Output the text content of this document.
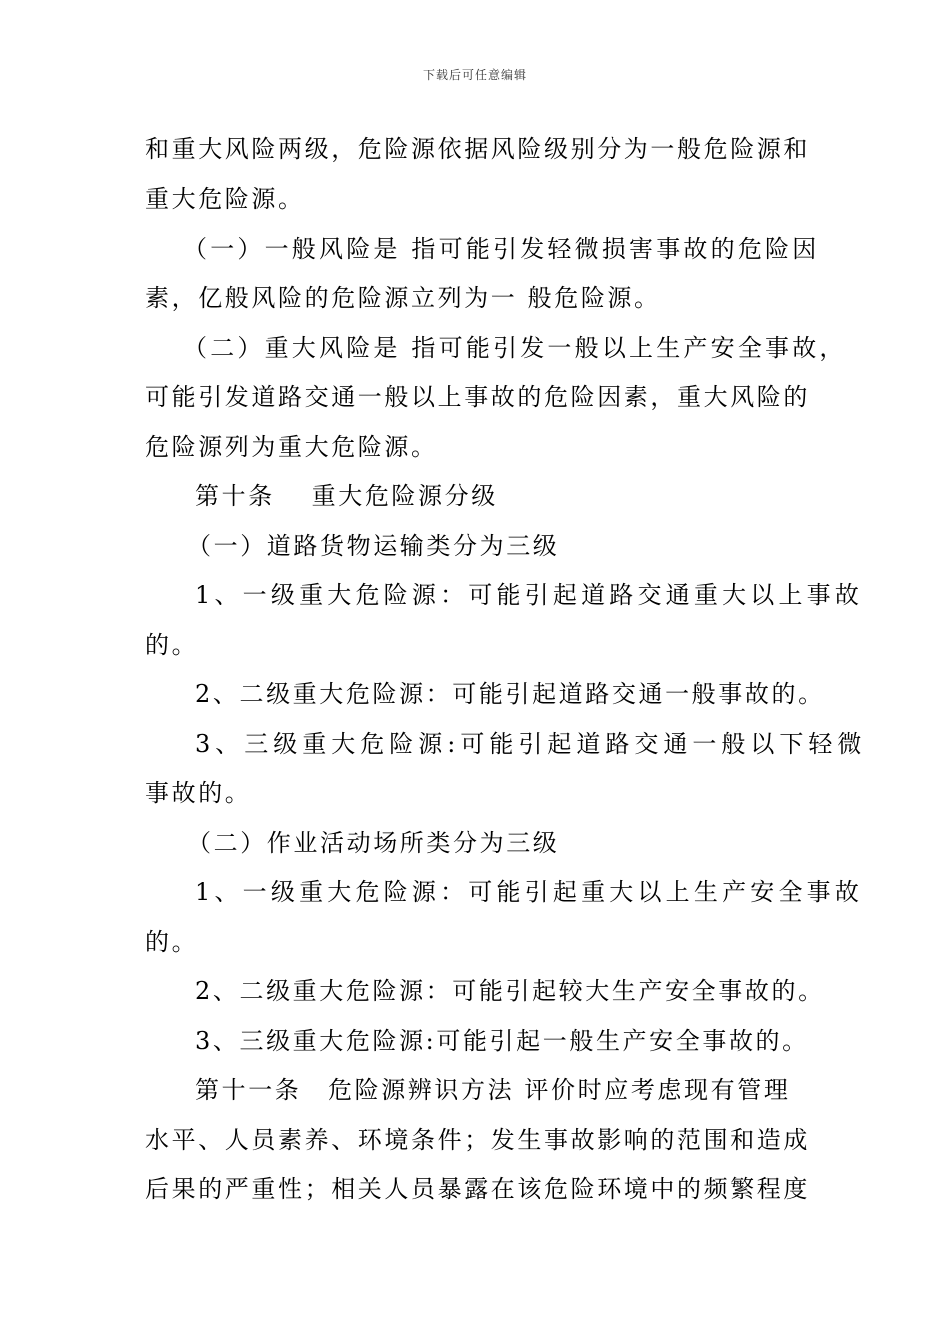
下载后可任意编辑
和重大风险两级，危险源依据风险级别分为一般危险源和
重大危险源。
（一）一般风险是 指可能引发轻微损害事故的危险因
素，亿般风险的危险源立列为一 般危险源。
（二）重大风险是 指可能引发一般以上生产安全事故，
可能引发道路交通一般以上事故的危险因素，重大风险的
危险源列为重大危险源。
第十条　 重大危险源分级
（一）道路货物运输类分为三级
1、一级重大危险源：可能引起道路交通重大以上事故
的。
2、二级重大危险源：可能引起道路交通一般事故的。
3、三级重大危险源:可能引起道路交通一般以下轻微
事故的。
（二）作业活动场所类分为三级
1、一级重大危险源：可能引起重大以上生产安全事故
的。
2、二级重大危险源：可能引起较大生产安全事故的。
3、三级重大危险源:可能引起一般生产安全事故的。
第十一条　危险源辨识方法 评价时应考虑现有管理
水平、人员素养、环境条件；发生事故影响的范围和造成
后果的严重性；相关人员暴露在该危险环境中的频繁程度
